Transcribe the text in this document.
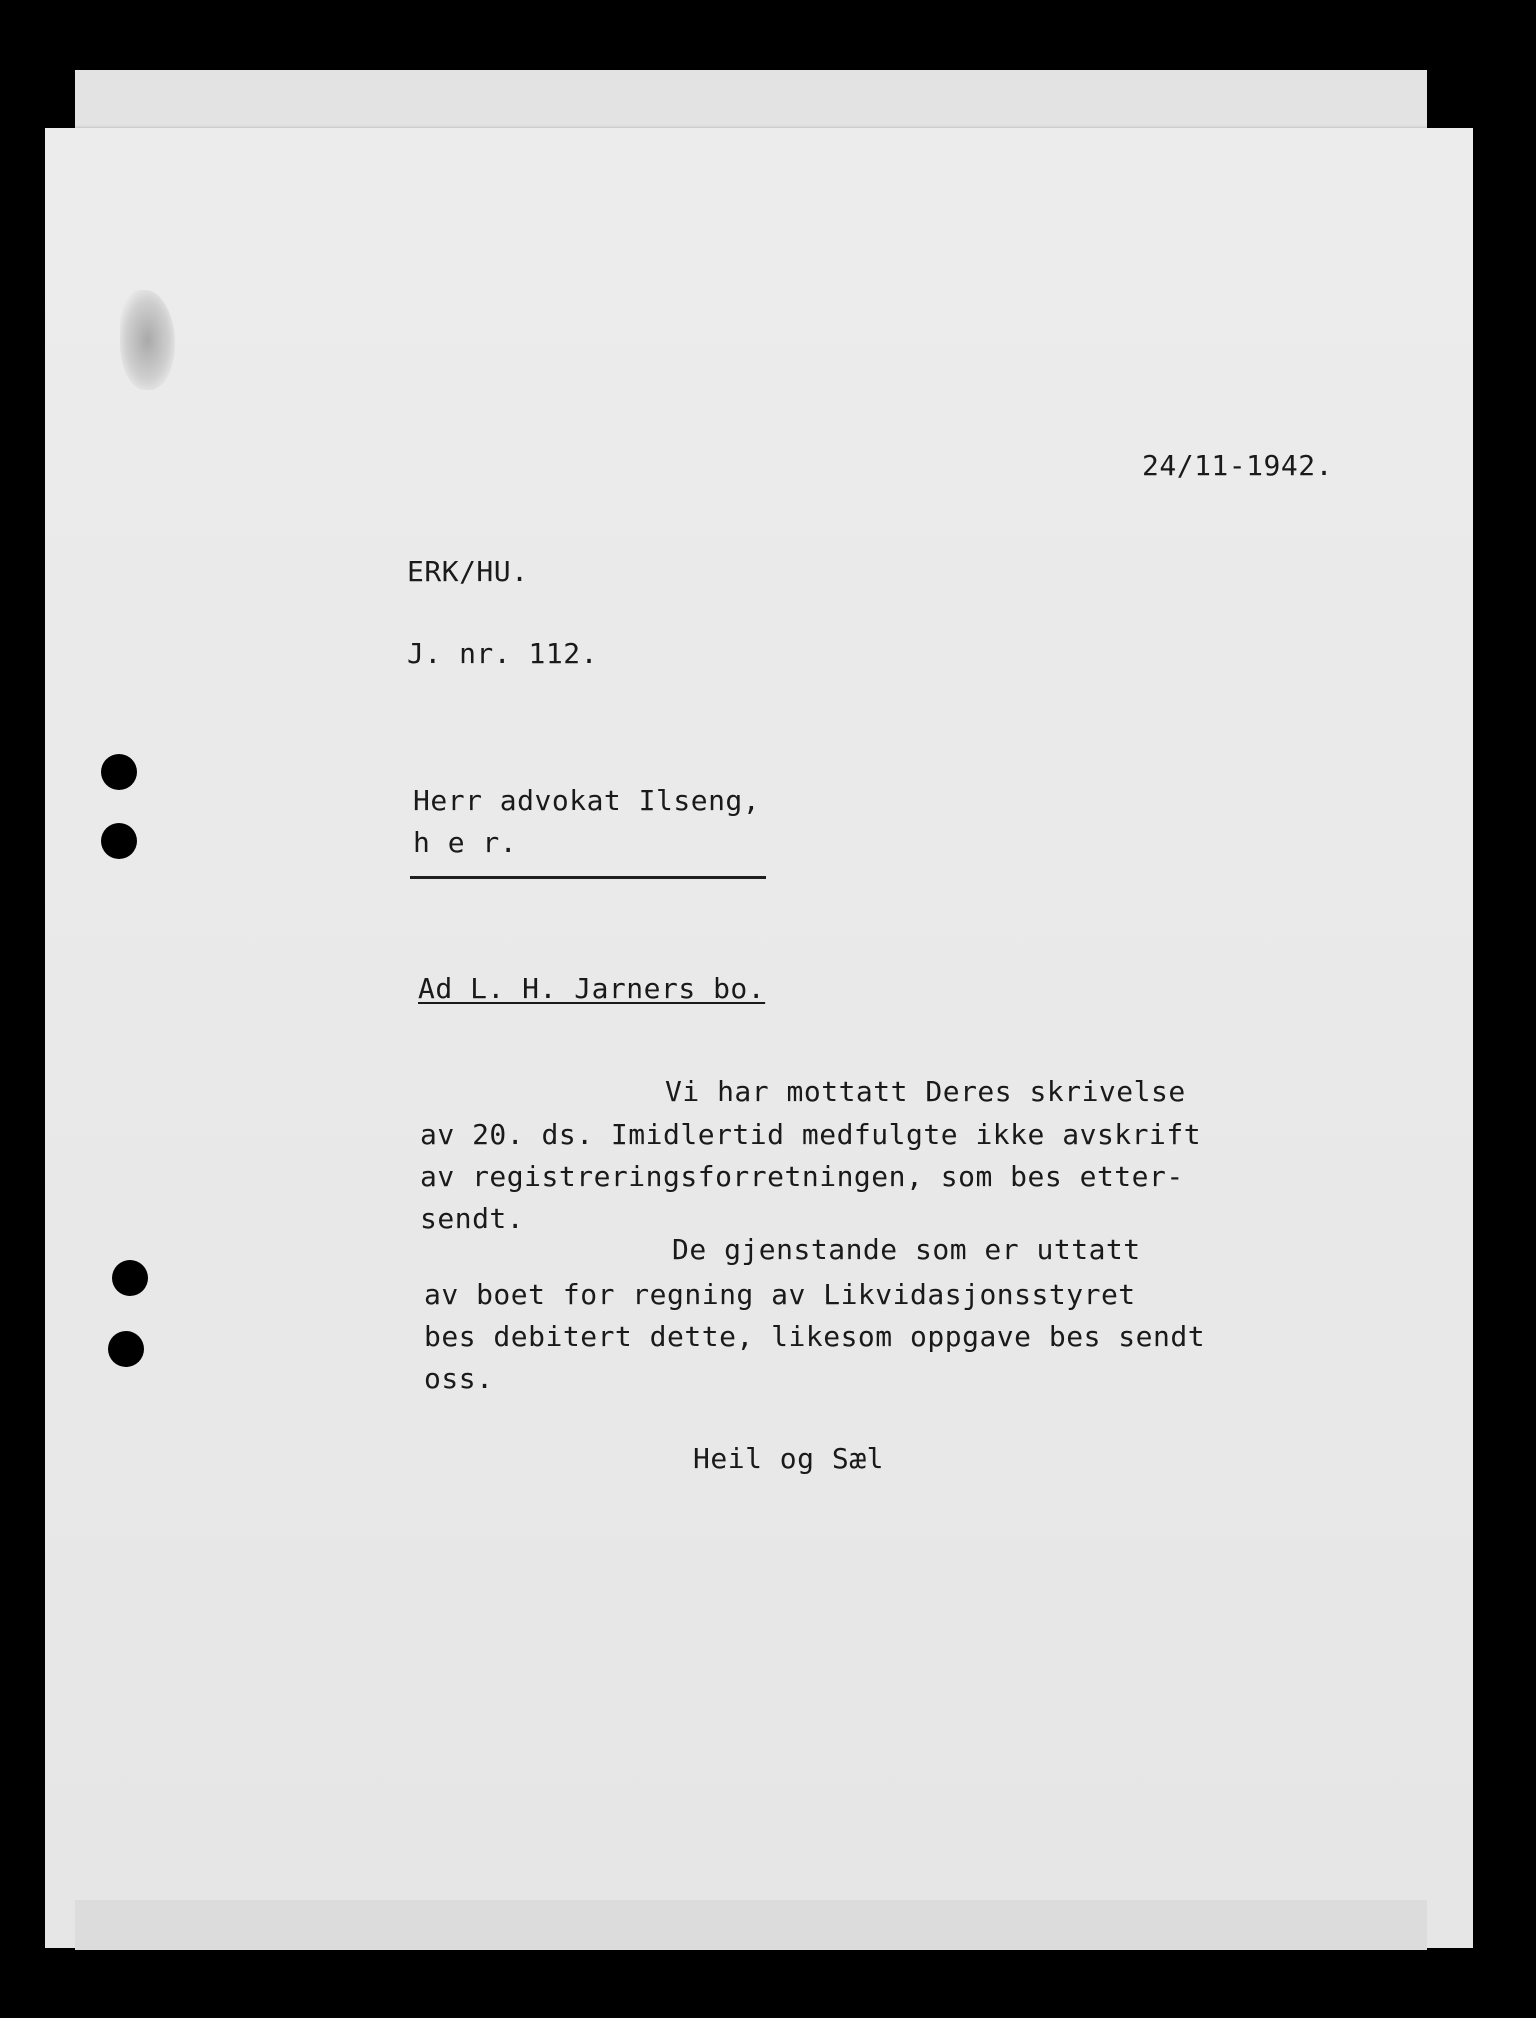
24/11-1942.
ERK/HU.
J. nr. 112.
Herr advokat Ilseng,
h e r.
Ad L. H. Jarners bo.
Vi har mottatt Deres skrivelse
av 20. ds. Imidlertid medfulgte ikke avskrift
av registreringsforretningen, som bes etter-
sendt.
De gjenstande som er uttatt
av boet for regning av Likvidasjonsstyret
bes debitert dette, likesom oppgave bes sendt
oss.
Heil og Sæl
